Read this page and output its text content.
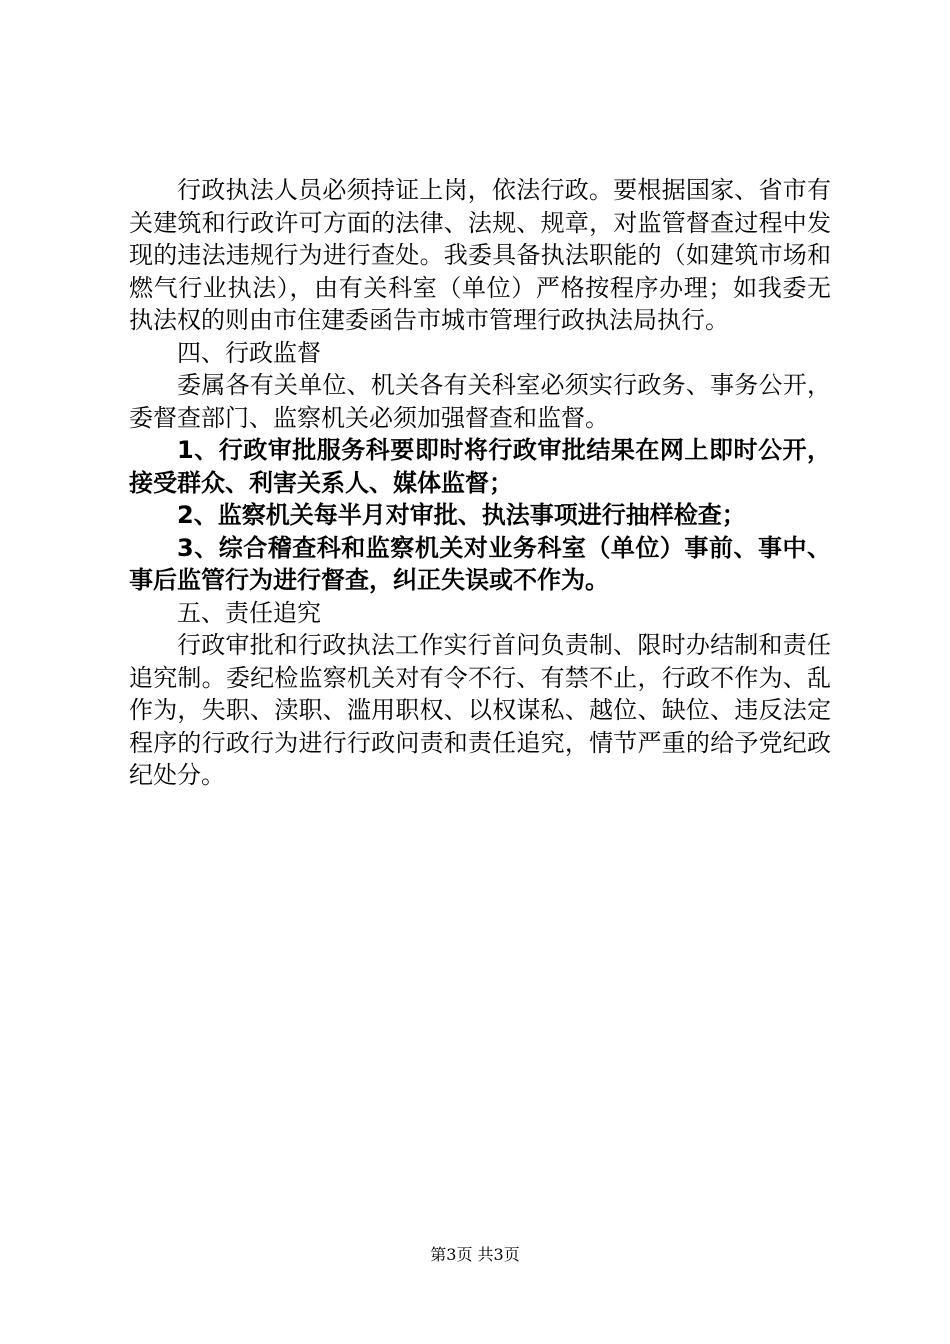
行政执法人员必须持证上岗，依法行政。要根据国家、省市有关建筑和行政许可方面的法律、法规、规章，对监管督查过程中发现的违法违规行为进行查处。我委具备执法职能的（如建筑市场和燃气行业执法），由有关科室（单位）严格按程序办理；如我委无执法权的则由市住建委函告市城市管理行政执法局执行。

四、行政监督

委属各有关单位、机关各有关科室必须实行政务、事务公开，委督查部门、监察机关必须加强督查和监督。

1、行政审批服务科要即时将行政审批结果在网上即时公开，接受群众、利害关系人、媒体监督；

2、监察机关每半月对审批、执法事项进行抽样检查；

3、综合稽查科和监察机关对业务科室（单位）事前、事中、事后监管行为进行督查，纠正失误或不作为。

五、责任追究

行政审批和行政执法工作实行首问负责制、限时办结制和责任追究制。委纪检监察机关对有令不行、有禁不止，行政不作为、乱作为，失职、渎职、滥用职权、以权谋私、越位、缺位、违反法定程序的行政行为进行行政问责和责任追究，情节严重的给予党纪政纪处分。

第3页 共3页
